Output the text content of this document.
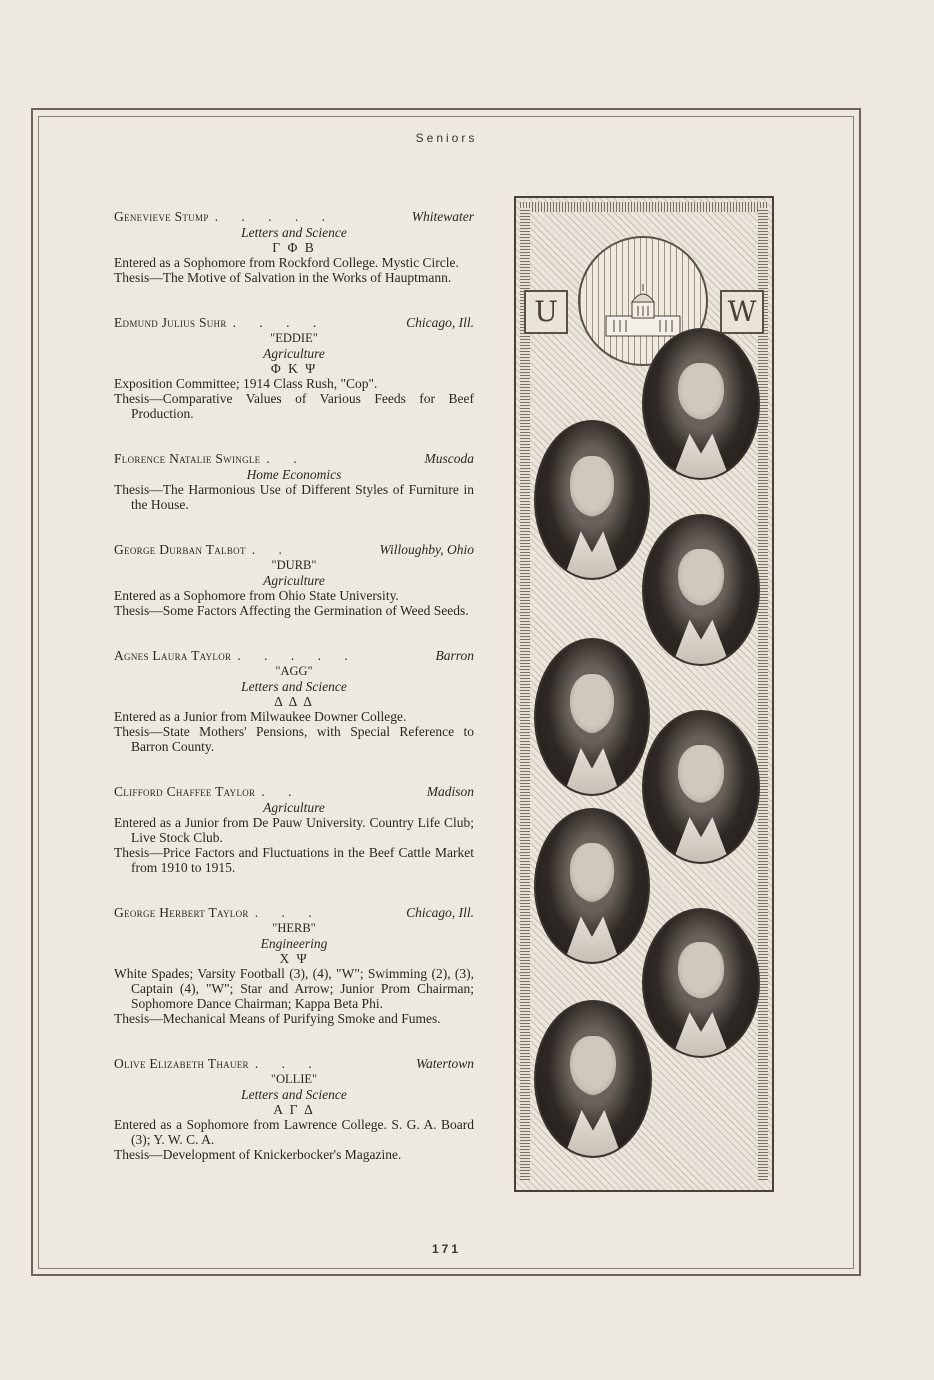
Seniors
Genevieve Stump . . . . .	Whitewater
Letters and Science
Γ Φ Β
Entered as a Sophomore from Rockford College. Mystic Circle.
Thesis—The Motive of Salvation in the Works of Hauptmann.
Edmund Julius Suhr . . . .	Chicago, Ill.
"EDDIE"
Agriculture
Φ Κ Ψ
Exposition Committee; 1914 Class Rush, "Cop".
Thesis—Comparative Values of Various Feeds for Beef Production.
Florence Natalie Swingle . .	Muscoda
Home Economics
Thesis—The Harmonious Use of Different Styles of Furniture in the House.
George Durban Talbot . .	Willoughby, Ohio
"DURB"
Agriculture
Entered as a Sophomore from Ohio State University.
Thesis—Some Factors Affecting the Germination of Weed Seeds.
Agnes Laura Taylor . . . . .	Barron
"AGG"
Letters and Science
Δ Δ Δ
Entered as a Junior from Milwaukee Downer College.
Thesis—State Mothers' Pensions, with Special Reference to Barron County.
Clifford Chaffee Taylor . .	Madison
Agriculture
Entered as a Junior from De Pauw University. Country Life Club; Live Stock Club.
Thesis—Price Factors and Fluctuations in the Beef Cattle Market from 1910 to 1915.
George Herbert Taylor . . .	Chicago, Ill.
"HERB"
Engineering
Χ Ψ
White Spades; Varsity Football (3), (4), "W"; Swimming (2), (3), Captain (4), "W"; Star and Arrow; Junior Prom Chairman; Sophomore Dance Chairman; Kappa Beta Phi.
Thesis—Mechanical Means of Purifying Smoke and Fumes.
Olive Elizabeth Thauer . . .	Watertown
"OLLIE"
Letters and Science
Α Γ Δ
Entered as a Sophomore from Lawrence College. S. G. A. Board (3); Y. W. C. A.
Thesis—Development of Knickerbocker's Magazine.
U	W
171
